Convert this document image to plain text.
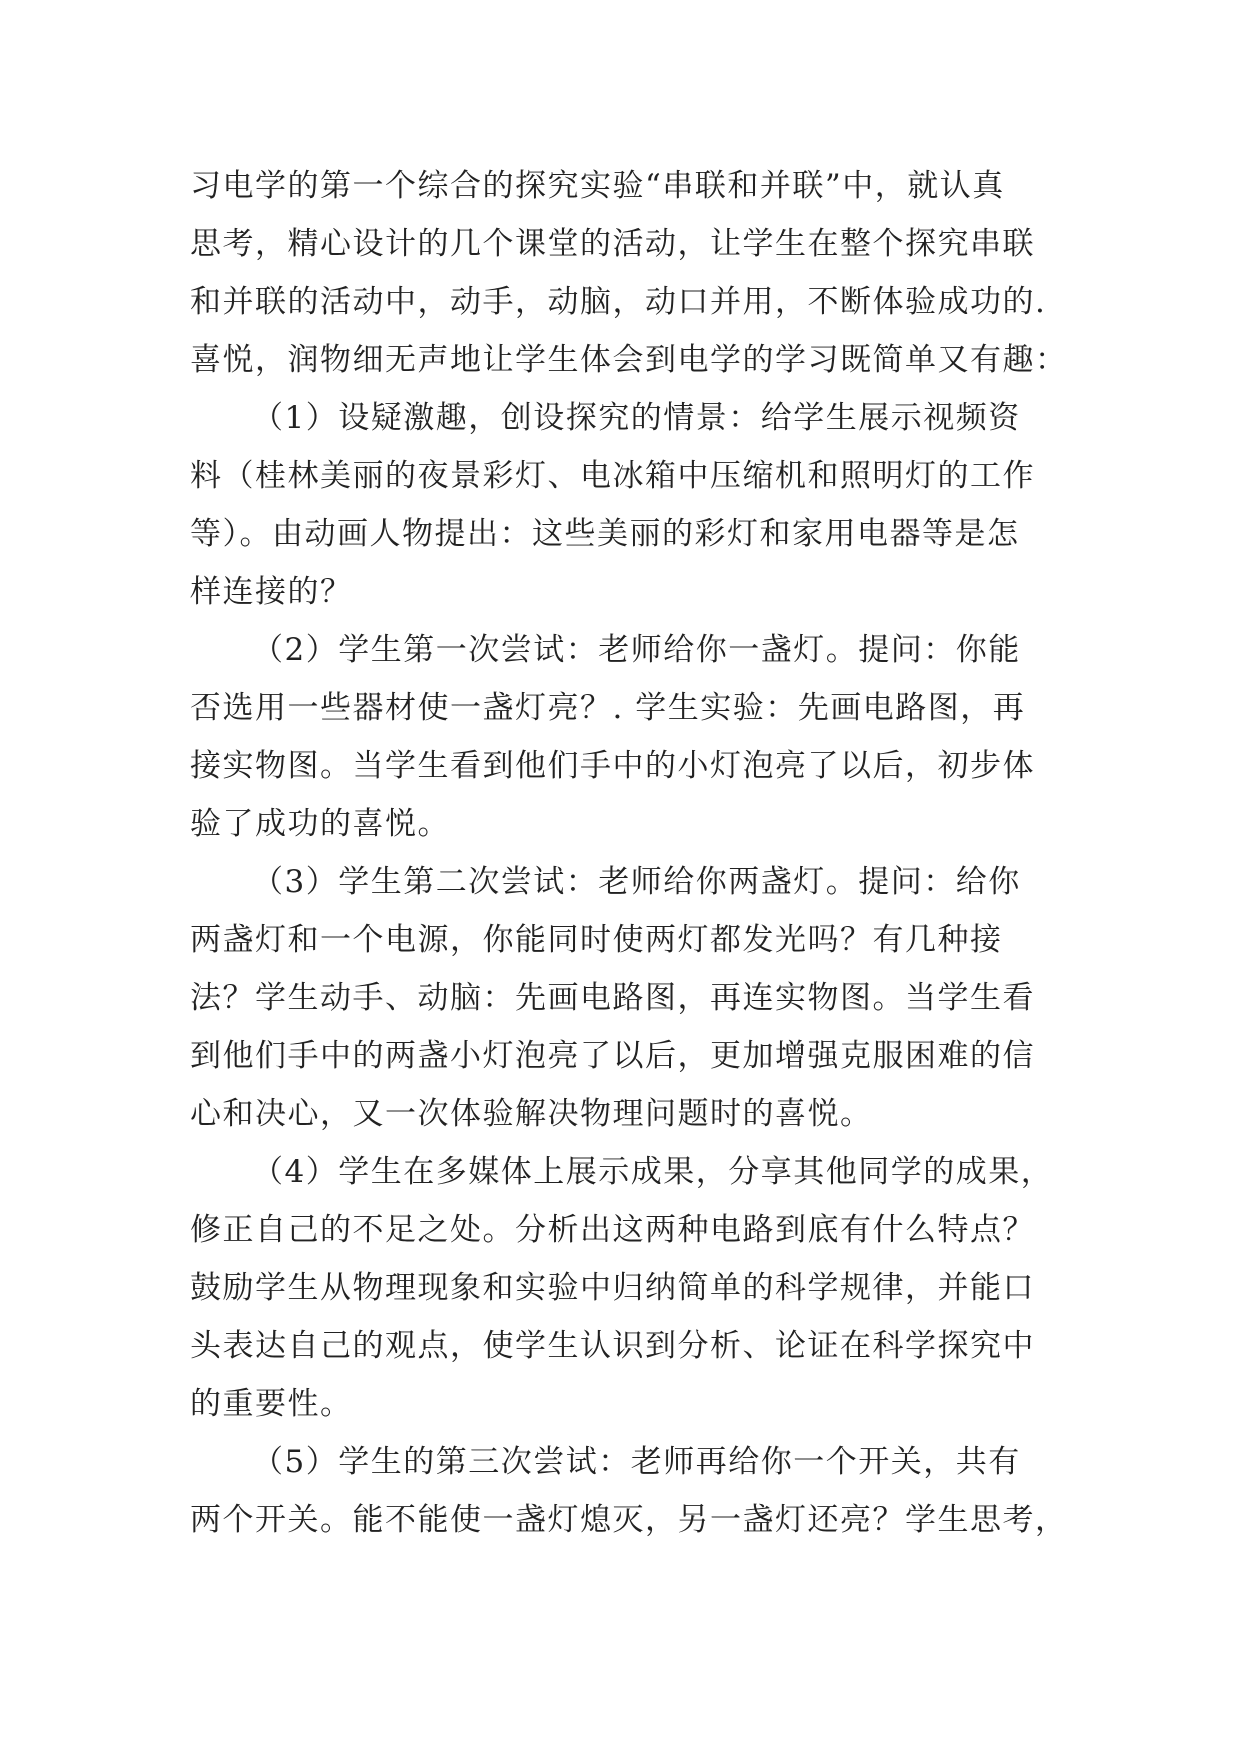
习电学的第一个综合的探究实验“串联和并联”中，就认真
思考，精心设计的几个课堂的活动，让学生在整个探究串联
和并联的活动中，动手，动脑，动口并用，不断体验成功的.
喜悦，润物细无声地让学生体会到电学的学习既简单又有趣：
（1）设疑激趣，创设探究的情景：给学生展示视频资
料（桂林美丽的夜景彩灯、电冰箱中压缩机和照明灯的工作
等）。由动画人物提出：这些美丽的彩灯和家用电器等是怎
样连接的？
（2）学生第一次尝试：老师给你一盏灯。提问：你能
否选用一些器材使一盏灯亮？. 学生实验：先画电路图，再
接实物图。当学生看到他们手中的小灯泡亮了以后，初步体
验了成功的喜悦。
（3）学生第二次尝试：老师给你两盏灯。提问：给你
两盏灯和一个电源，你能同时使两灯都发光吗？有几种接
法？学生动手、动脑：先画电路图，再连实物图。当学生看
到他们手中的两盏小灯泡亮了以后，更加增强克服困难的信
心和决心，又一次体验解决物理问题时的喜悦。
（4）学生在多媒体上展示成果，分享其他同学的成果，
修正自己的不足之处。分析出这两种电路到底有什么特点？
鼓励学生从物理现象和实验中归纳简单的科学规律，并能口
头表达自己的观点，使学生认识到分析、论证在科学探究中
的重要性。
（5）学生的第三次尝试：老师再给你一个开关，共有
两个开关。能不能使一盏灯熄灭，另一盏灯还亮？学生思考，
